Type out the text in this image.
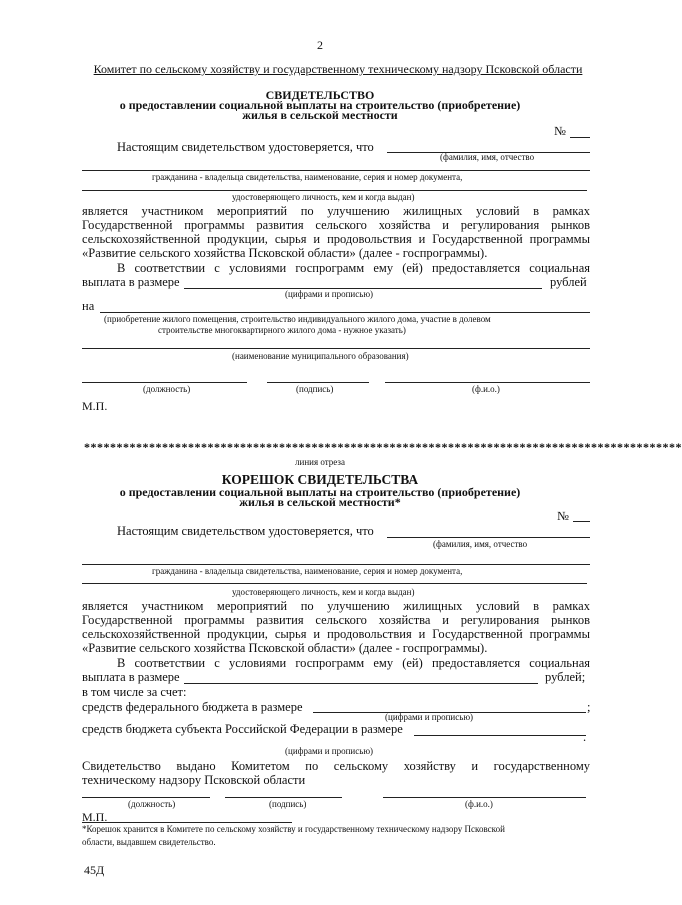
2
Комитет по сельскому хозяйству и государственному техническому надзору Псковской области
СВИДЕТЕЛЬСТВО
о предоставлении социальной выплаты на строительство (приобретение)
жилья в сельской местности
№
Настоящим свидетельством удостоверяется, что
(фамилия, имя, отчество
гражданина - владельца свидетельства, наименование, серия и номер документа,
удостоверяющего личность, кем и когда выдан)
является участником мероприятий по улучшению жилищных условий в рамках
Государственной программы развития сельского хозяйства и регулирования рынков
сельскохозяйственной продукции, сырья и продовольствия и Государственной программы
«Развитие сельского хозяйства Псковской области» (далее - госпрограммы).
В соответствии с условиями госпрограмм ему (ей) предоставляется социальная
выплата в размере	рублей
(цифрами и прописью)
на
(приобретение жилого помещения, строительство индивидуального жилого дома, участие в долевом
строительстве многоквартирного жилого дома - нужное указать)
(наименование муниципального образования)
(должность)	(подпись)	(ф.и.о.)
М.П.
********************************************************************************************
линия отреза
КОРЕШОК СВИДЕТЕЛЬСТВА
о предоставлении социальной выплаты на строительство (приобретение)
жилья в сельской местности*
№
Настоящим свидетельством удостоверяется, что
(фамилия, имя, отчество
гражданина - владельца свидетельства, наименование, серия и номер документа,
удостоверяющего личность, кем и когда выдан)
является участником мероприятий по улучшению жилищных условий в рамках
Государственной программы развития сельского хозяйства и регулирования рынков
сельскохозяйственной продукции, сырья и продовольствия и Государственной программы
«Развитие сельского хозяйства Псковской области» (далее - госпрограммы).
В соответствии с условиями госпрограмм ему (ей) предоставляется социальная
выплата в размере	рублей;
в том числе за счет:
средств федерального бюджета в размере	;
(цифрами и прописью)
средств бюджета субъекта Российской Федерации в размере
.
(цифрами и прописью)
Свидетельство выдано Комитетом по сельскому хозяйству и государственному
техническому надзору Псковской области
(должность)	(подпись)	(ф.и.о.)
М.П.
*Корешок хранится в Комитете по сельскому хозяйству и государственному техническому надзору Псковской
области, выдавшем свидетельство.
45Д
